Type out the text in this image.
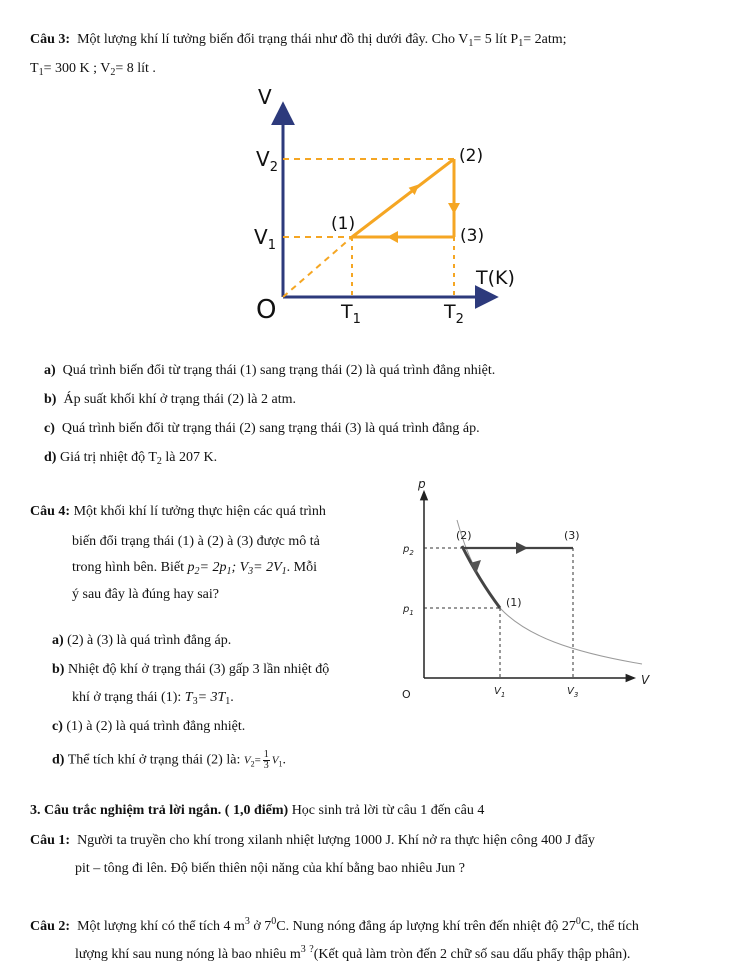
Câu 3: Một lượng khí lí tưởng biến đổi trạng thái như đồ thị dưới đây. Cho $V_1= 5$ lít $P_1= 2atm$;
$T_1= 300$ K ; $V_2= 8$ lít .
V
$V_2$
$V_1$
O	$T_1$	$T_2$
T(K)
(1)
(2)
(3)
a) Quá trình biến đổi từ trạng thái (1) sang trạng thái (2) là quá trình đẳng nhiệt.
b) Áp suất khối khí ở trạng thái (2) là 2 atm.
c) Quá trình biến đổi từ trạng thái (2) sang trạng thái (3) là quá trình đẳng áp.
d) Giá trị nhiệt độ $T_2$ là 207 K.
Câu 4: Một khối khí lí tưởng thực hiện các quá trình
biến đổi trạng thái (1) à (2) à (3) được mô tả
trong hình bên. Biết $p_2= 2p_1$; $V_3= 2V_1$. Mỗi
ý sau đây là đúng hay sai?
a) (2) à (3) là quá trình đẳng áp.
b) Nhiệt độ khí ở trạng thái (3) gấp 3 lần nhiệt độ
khí ở trạng thái (1): $T_3= 3T_1$.
c) (1) à (2) là quá trình đẳng nhiệt.
d) Thể tích khí ở trạng thái (2) là: $V_2= \frac{1}{3} V_1$.
p
V
O
$p_2$
$p_1$
$V_1$	$V_3$
(2)	(3)
(1)
3. Câu trắc nghiệm trả lời ngắn. ( 1,0 điểm) Học sinh trả lời từ câu 1 đến câu 4
Câu 1: Người ta truyền cho khí trong xilanh nhiệt lượng 1000 J. Khí nở ra thực hiện công 400 J đẩy
pit – tông đi lên. Độ biến thiên nội năng của khí bằng bao nhiêu Jun ?
Câu 2: Một lượng khí có thể tích 4 $m^3$ ở $7^0C$. Nung nóng đẳng áp lượng khí trên đến nhiệt độ $27^0C$, thể tích
lượng khí sau nung nóng là bao nhiêu $m^3$ ?(Kết quả làm tròn đến 2 chữ số sau dấu phẩy thập phân).
